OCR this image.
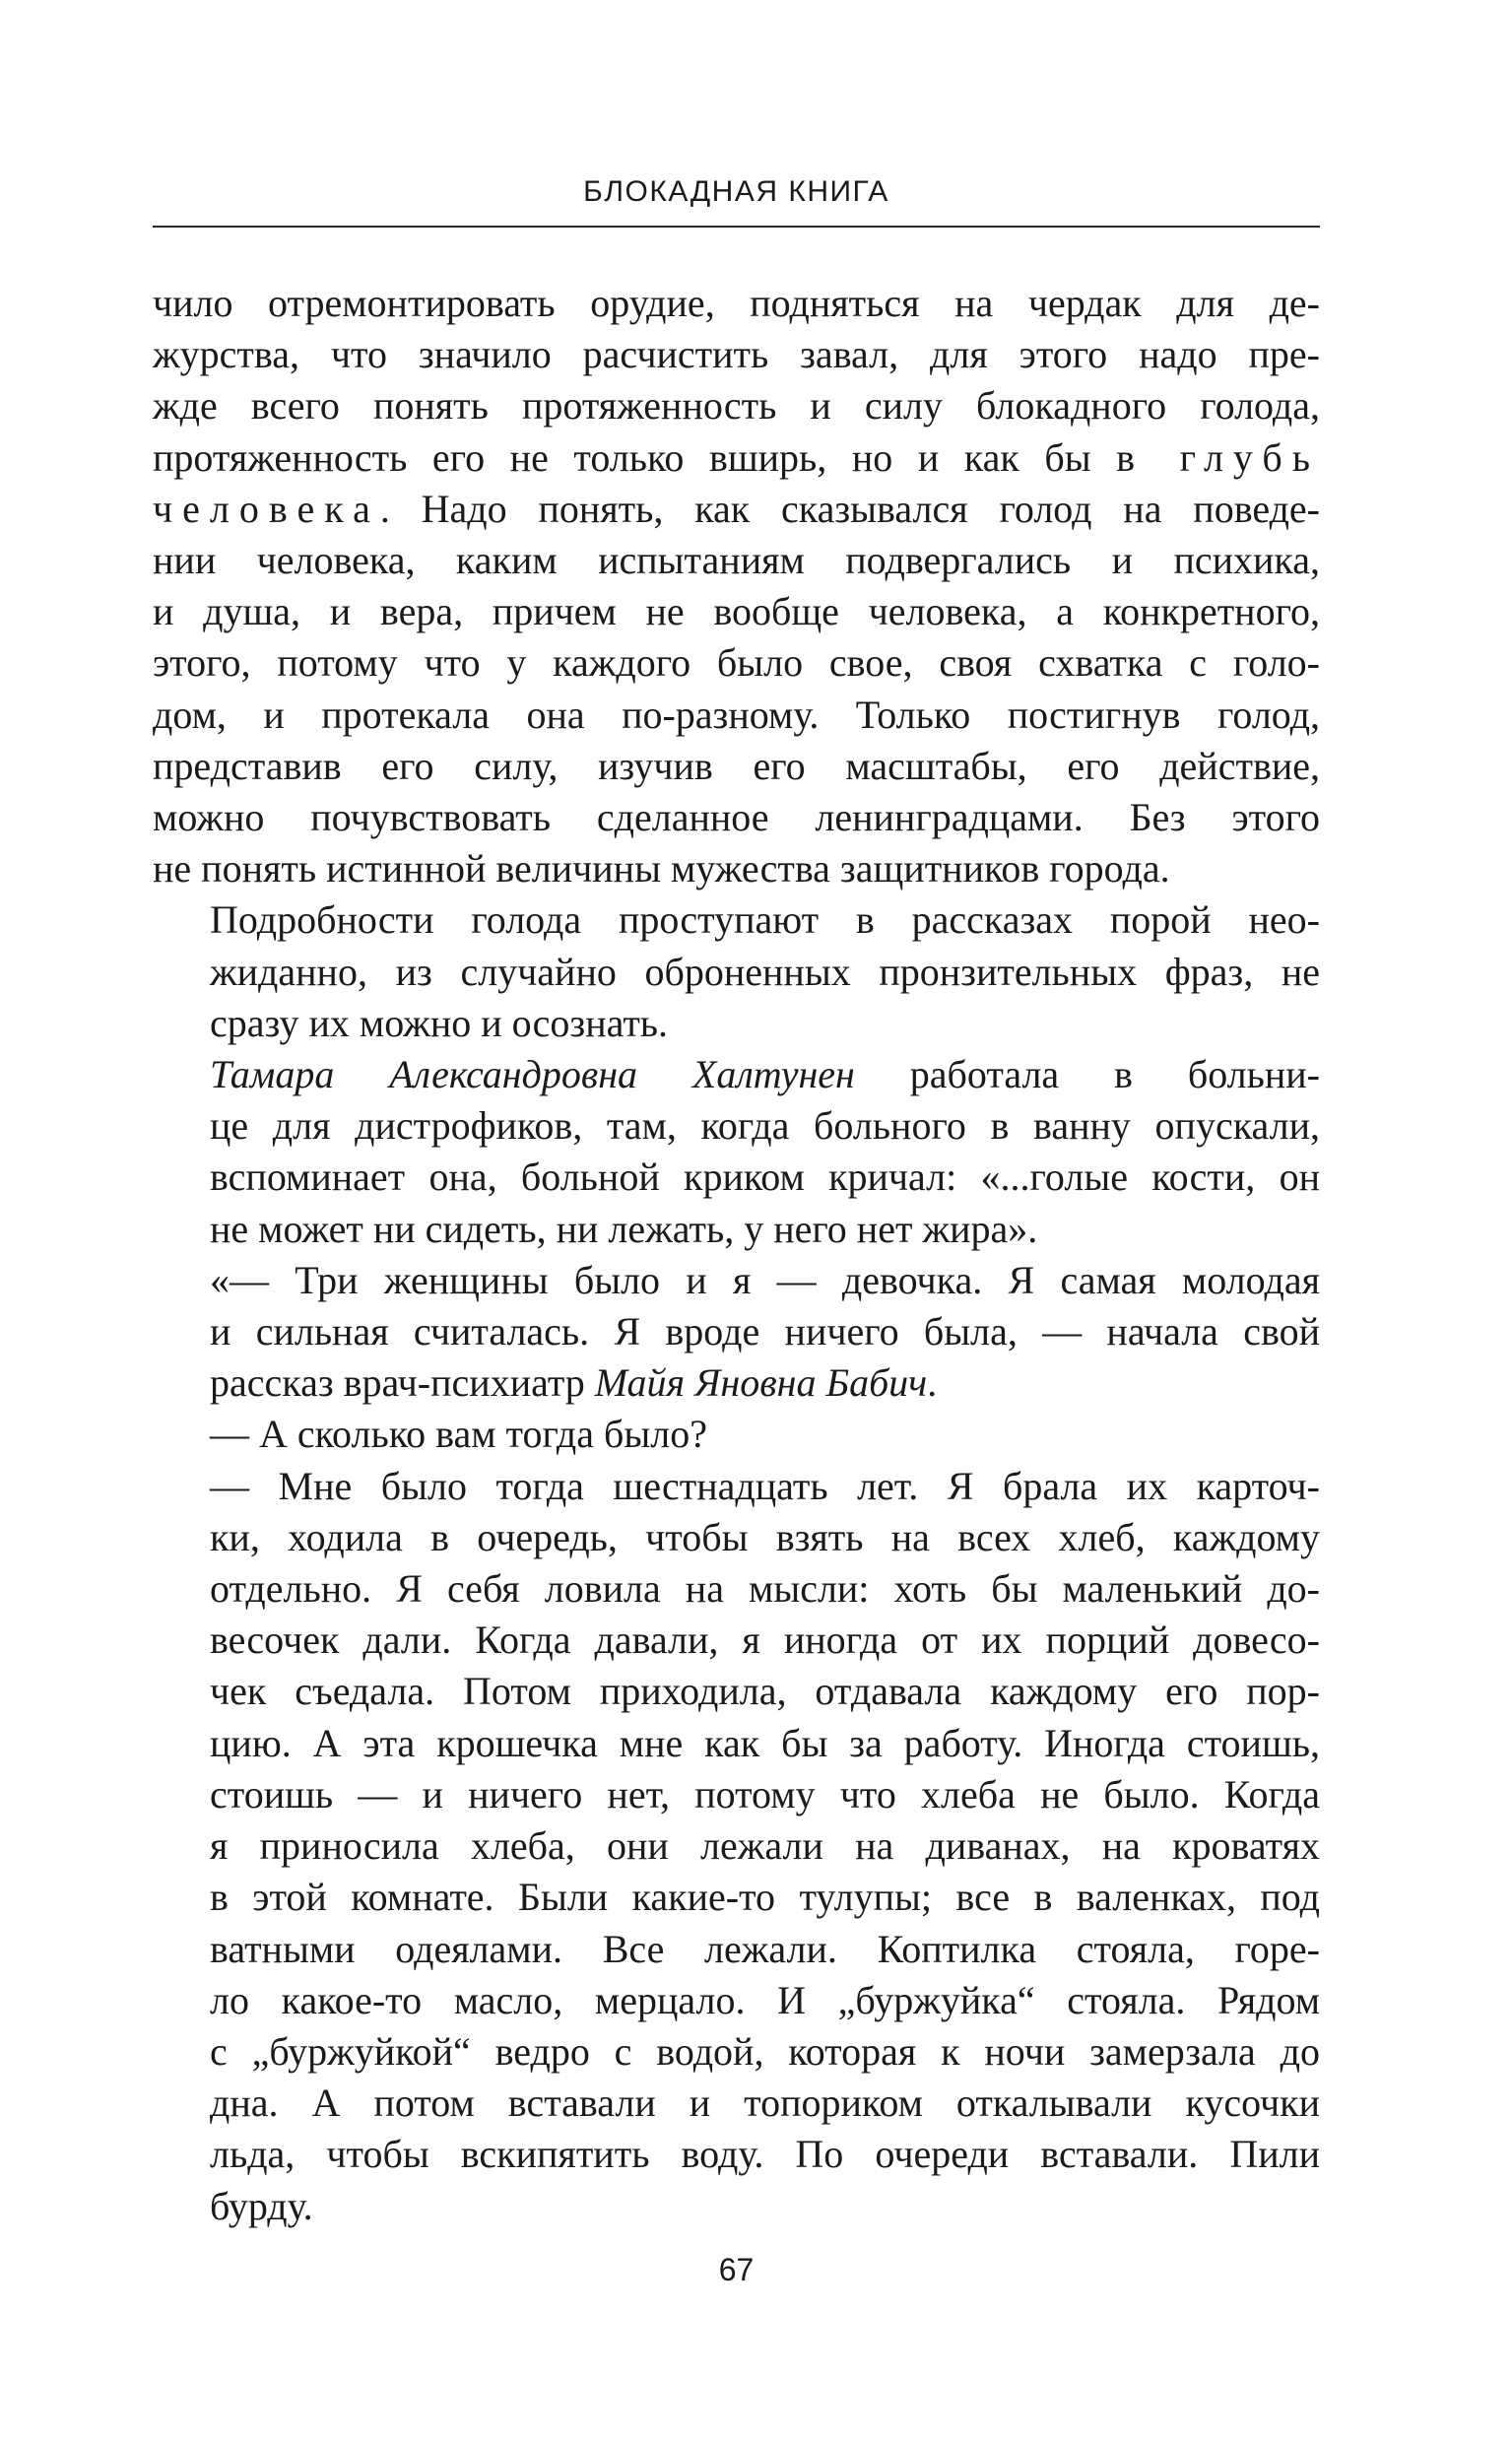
БЛОКАДНАЯ КНИГА
чило отремонтировать орудие, подняться на чердак для де-
журства, что значило расчистить завал, для этого надо пре-
жде всего понять протяженность и силу блокадного голода,
протяженность его не только вширь, но и как бы в глубь
человека. Надо понять, как сказывался голод на поведе-
нии человека, каким испытаниям подвергались и психика,
и душа, и вера, причем не вообще человека, а конкретного,
этого, потому что у каждого было свое, своя схватка с голо-
дом, и протекала она по-разному. Только постигнув голод,
представив его силу, изучив его масштабы, его действие,
можно почувствовать сделанное ленинградцами. Без этого
не понять истинной величины мужества защитников города.
Подробности голода проступают в рассказах порой нео-
жиданно, из случайно оброненных пронзительных фраз, не
сразу их можно и осознать.
Тамара Александровна Халтунен работала в больни-
це для дистрофиков, там, когда больного в ванну опускали,
вспоминает она, больной криком кричал: «...голые кости, он
не может ни сидеть, ни лежать, у него нет жира».
«— Три женщины было и я — девочка. Я самая молодая
и сильная считалась. Я вроде ничего была, — начала свой
рассказ врач-психиатр Майя Яновна Бабич.
— А сколько вам тогда было?
— Мне было тогда шестнадцать лет. Я брала их карточ-
ки, ходила в очередь, чтобы взять на всех хлеб, каждому
отдельно. Я себя ловила на мысли: хоть бы маленький до-
весочек дали. Когда давали, я иногда от их порций довесо-
чек съедала. Потом приходила, отдавала каждому его пор-
цию. А эта крошечка мне как бы за работу. Иногда стоишь,
стоишь — и ничего нет, потому что хлеба не было. Когда
я приносила хлеба, они лежали на диванах, на кроватях
в этой комнате. Были какие-то тулупы; все в валенках, под
ватными одеялами. Все лежали. Коптилка стояла, горе-
ло какое-то масло, мерцало. И „буржуйка“ стояла. Рядом
с „буржуйкой“ ведро с водой, которая к ночи замерзала до
дна. А потом вставали и топориком откалывали кусочки
льда, чтобы вскипятить воду. По очереди вставали. Пили
бурду.
67
